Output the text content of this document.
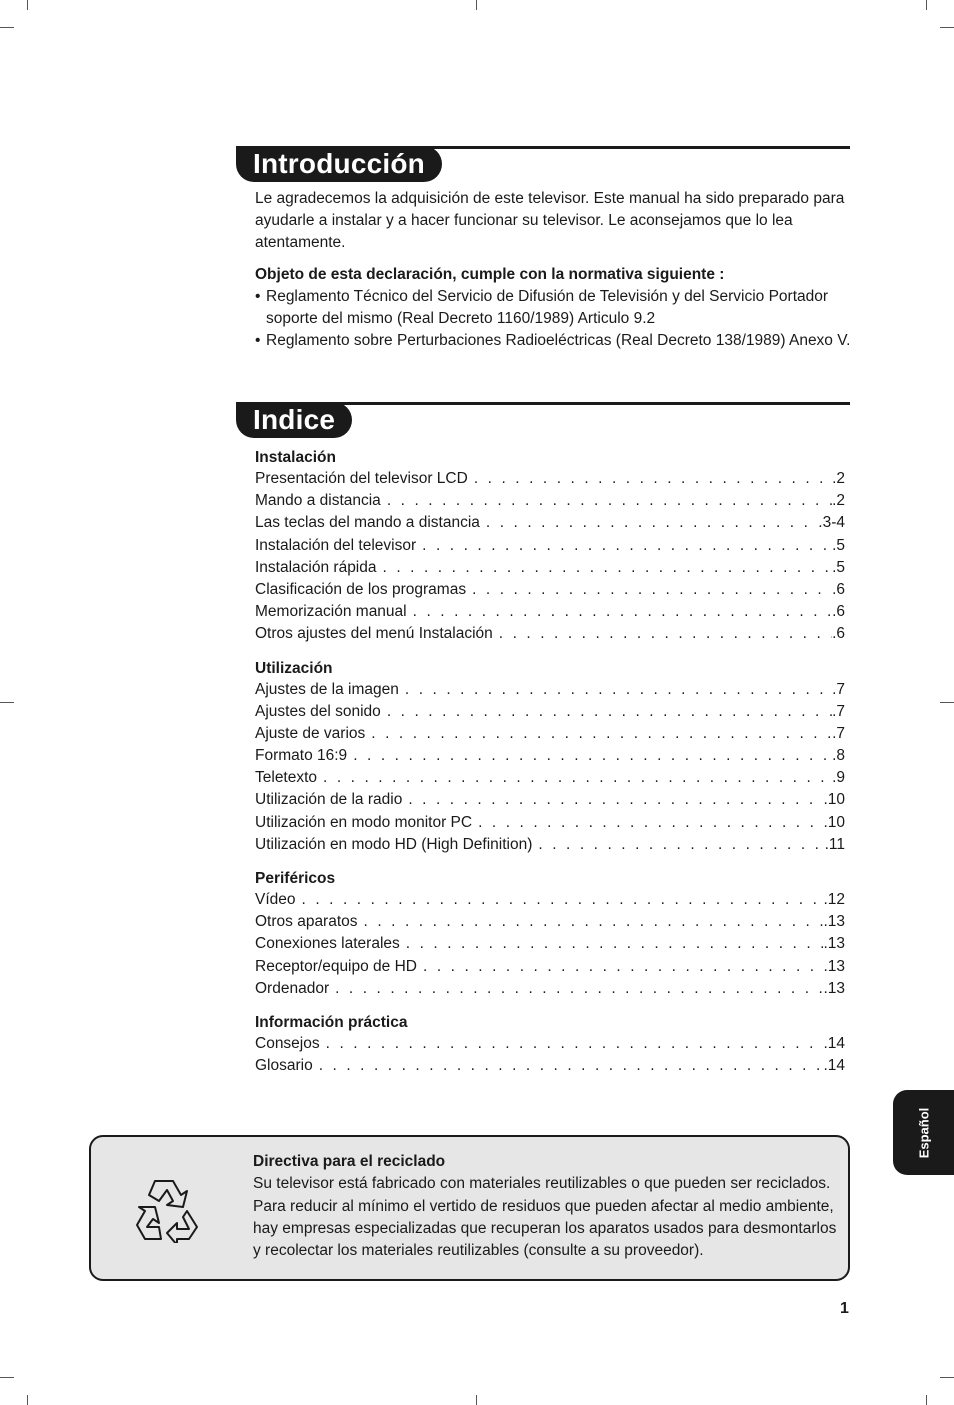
Introducción

Le agradecemos la adquisición de este televisor. Este manual ha sido preparado para ayudarle a instalar y a hacer funcionar su televisor. Le aconsejamos que lo lea atentamente.

Objeto de esta declaración, cumple con la normativa siguiente :

• Reglamento Técnico del Servicio de Difusión de Televisión y del Servicio Portador soporte del mismo (Real Decreto 1160/1989) Articulo 9.2
• Reglamento sobre Perturbaciones Radioeléctricas (Real Decreto 138/1989) Anexo V.
Indice
Instalación
Presentación del televisor LCD . . .	.2
Mando a distancia . . .	.2
Las teclas del mando a distancia . . .	.3-4
Instalación del televisor . . .	.5
Instalación rápida . . .	.5
Clasificación de los programas . . .	.6
Memorización manual . . .	.6
Otros ajustes del menú Instalación . . .	.6
Utilización
Ajustes de la imagen . . .	.7
Ajustes del sonido . . .	.7
Ajuste de varios . . .	.7
Formato 16:9 . . .	.8
Teletexto . . .	.9
Utilización de la radio . . .	.10
Utilización en modo monitor PC . . .	.10
Utilización en modo HD (High Definition) . . .	.11
Periféricos
Vídeo . . .	.12
Otros aparatos . . .	.13
Conexiones laterales . . .	.13
Receptor/equipo de HD . . .	.13
Ordenador . . .	.13
Información práctica
Consejos . . .	.14
Glosario . . .	.14
Español

Directiva para el reciclado

Su televisor está fabricado con materiales reutilizables o que pueden ser reciclados. Para reducir al mínimo el vertido de residuos que pueden afectar al medio ambiente, hay empresas especializadas que recuperan los aparatos usados para desmontarlos y recolectar los materiales reutilizables (consulte a su proveedor).

1
